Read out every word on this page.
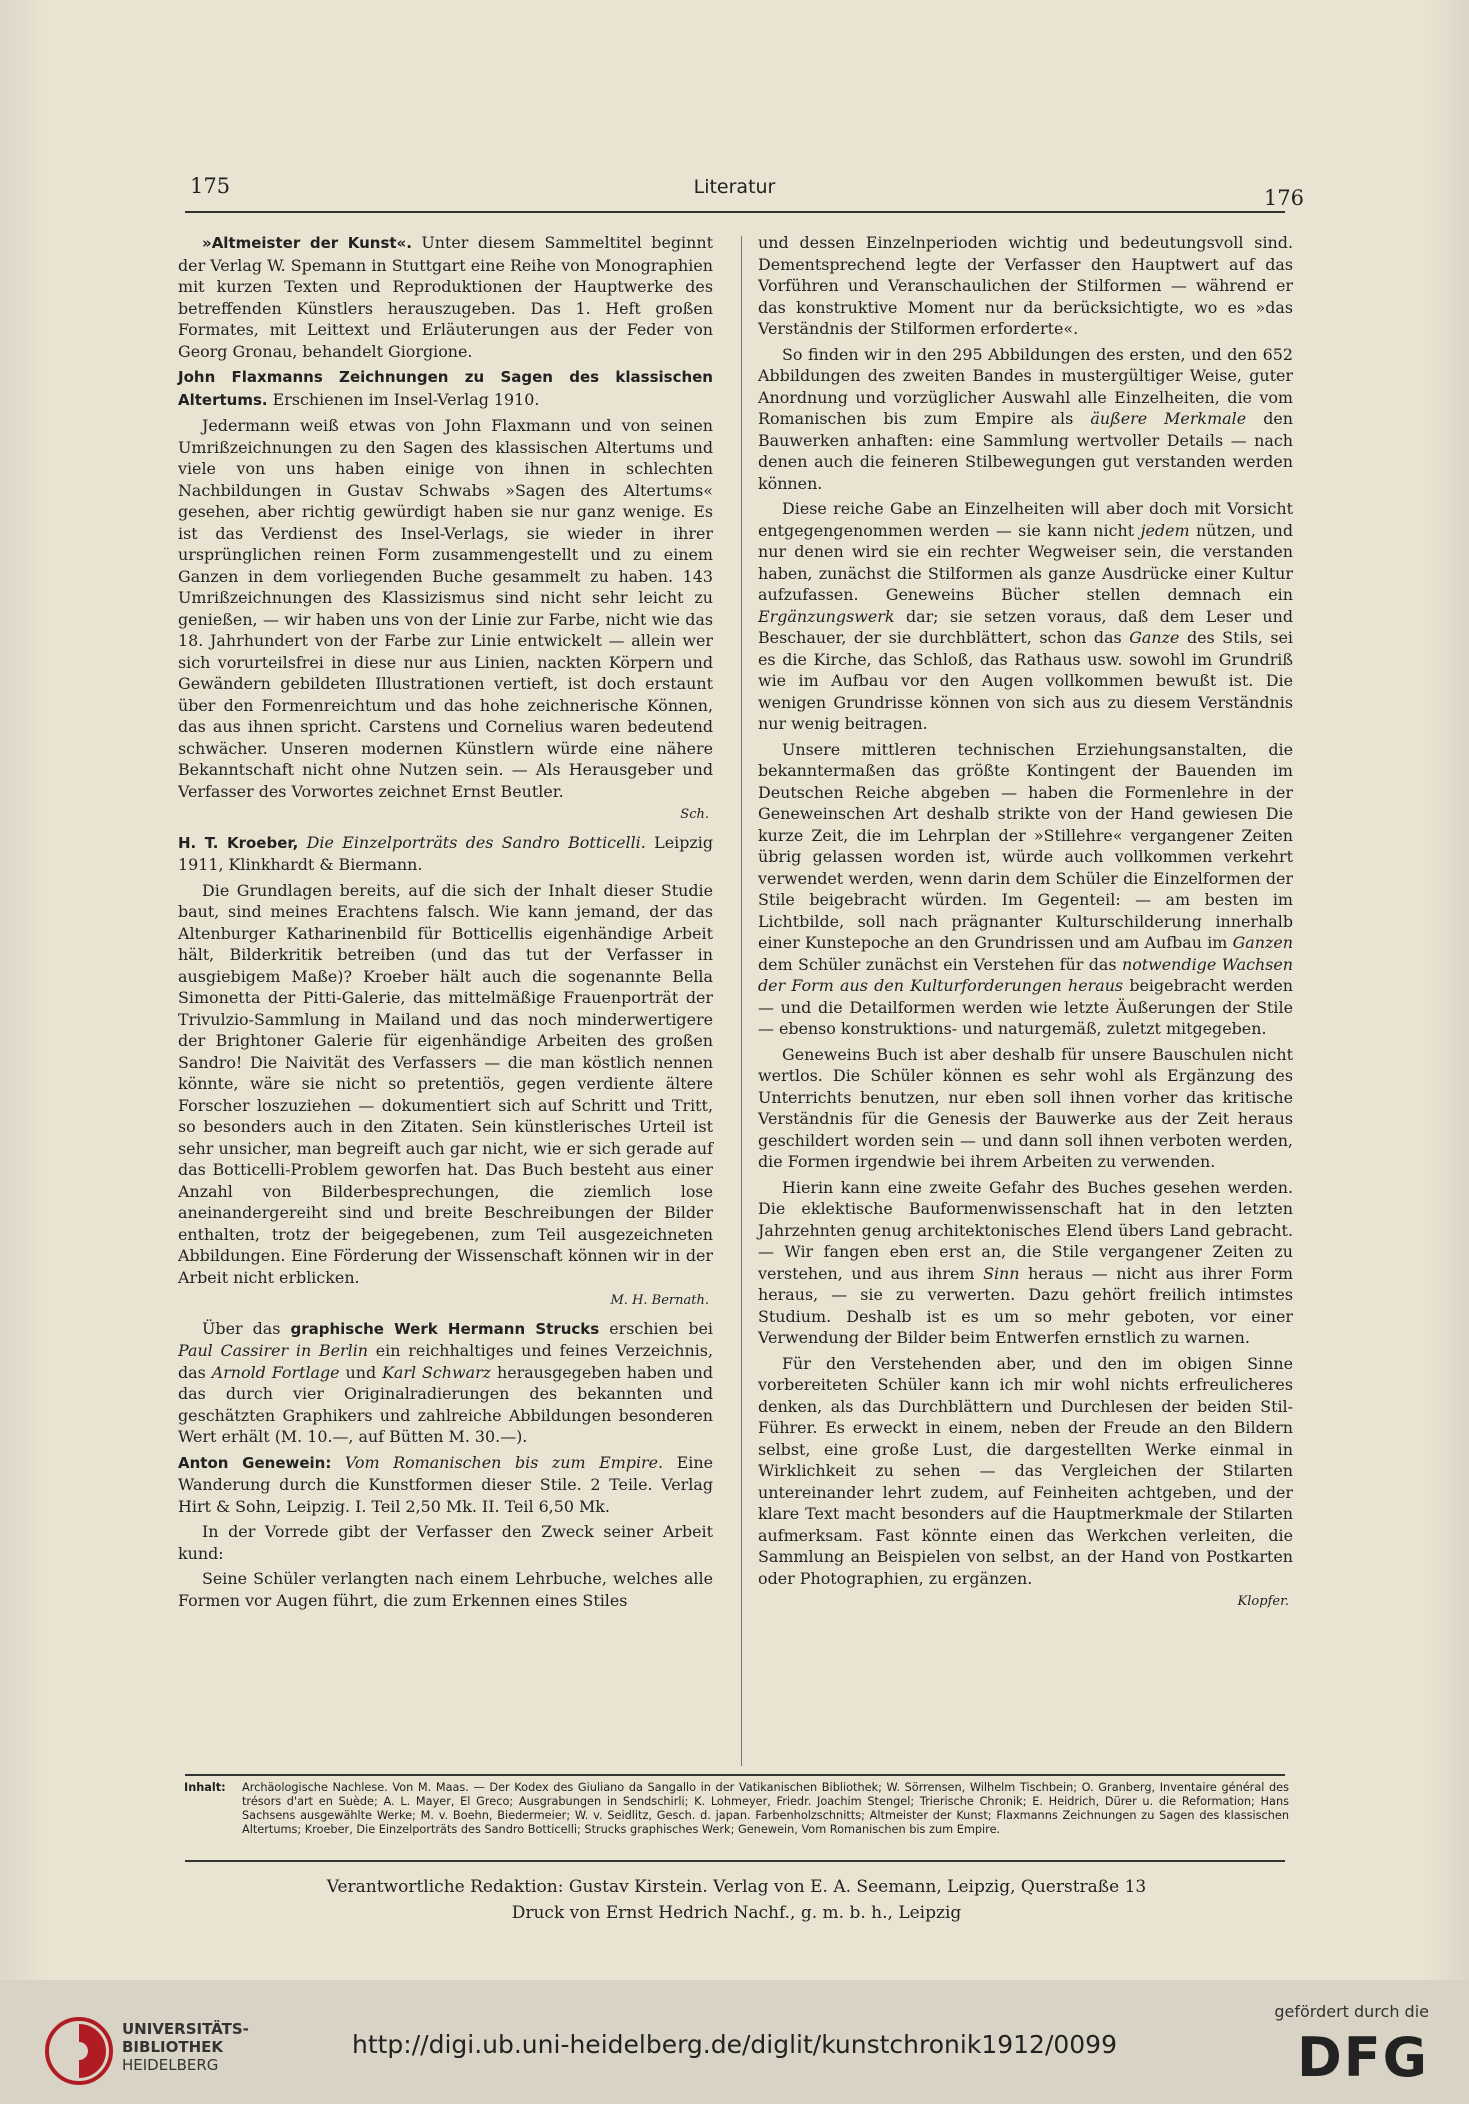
175	Literatur	176

»Altmeister der Kunst«. Unter diesem Sammeltitel beginnt der Verlag W. Spemann in Stuttgart eine Reihe von Monographien mit kurzen Texten und Reproduktionen der Hauptwerke des betreffenden Künstlers herauszugeben. Das 1. Heft großen Formates, mit Leittext und Erläuterungen aus der Feder von Georg Gronau, behandelt Giorgione.

John Flaxmanns Zeichnungen zu Sagen des klassischen Altertums. Erschienen im Insel-Verlag 1910.

Jedermann weiß etwas von John Flaxmann und von seinen Umrißzeichnungen zu den Sagen des klassischen Altertums und viele von uns haben einige von ihnen in schlechten Nachbildungen in Gustav Schwabs »Sagen des Altertums« gesehen, aber richtig gewürdigt haben sie nur ganz wenige. Es ist das Verdienst des Insel-Verlags, sie wieder in ihrer ursprünglichen reinen Form zusammengestellt und zu einem Ganzen in dem vorliegenden Buche gesammelt zu haben. 143 Umrißzeichnungen des Klassizismus sind nicht sehr leicht zu genießen, — wir haben uns von der Linie zur Farbe, nicht wie das 18. Jahrhundert von der Farbe zur Linie entwickelt — allein wer sich vorurteilsfrei in diese nur aus Linien, nackten Körpern und Gewändern gebildeten Illustrationen vertieft, ist doch erstaunt über den Formenreichtum und das hohe zeichnerische Können, das aus ihnen spricht. Carstens und Cornelius waren bedeutend schwächer. Unseren modernen Künstlern würde eine nähere Bekanntschaft nicht ohne Nutzen sein. — Als Herausgeber und Verfasser des Vorwortes zeichnet Ernst Beutler.

Sch.

H. T. Kroeber, Die Einzelporträts des Sandro Botticelli. Leipzig 1911, Klinkhardt & Biermann.

Die Grundlagen bereits, auf die sich der Inhalt dieser Studie baut, sind meines Erachtens falsch. Wie kann jemand, der das Altenburger Katharinenbild für Botticellis eigenhändige Arbeit hält, Bilderkritik betreiben (und das tut der Verfasser in ausgiebigem Maße)? Kroeber hält auch die sogenannte Bella Simonetta der Pitti-Galerie, das mittelmäßige Frauenporträt der Trivulzio-Sammlung in Mailand und das noch minderwertigere der Brightoner Galerie für eigenhändige Arbeiten des großen Sandro! Die Naivität des Verfassers — die man köstlich nennen könnte, wäre sie nicht so pretentiös, gegen verdiente ältere Forscher loszuziehen — dokumentiert sich auf Schritt und Tritt, so besonders auch in den Zitaten. Sein künstlerisches Urteil ist sehr unsicher, man begreift auch gar nicht, wie er sich gerade auf das Botticelli-Problem geworfen hat. Das Buch besteht aus einer Anzahl von Bilderbesprechungen, die ziemlich lose aneinandergereiht sind und breite Beschreibungen der Bilder enthalten, trotz der beigegebenen, zum Teil ausgezeichneten Abbildungen. Eine Förderung der Wissenschaft können wir in der Arbeit nicht erblicken.

M. H. Bernath.

Über das graphische Werk Hermann Strucks erschien bei Paul Cassirer in Berlin ein reichhaltiges und feines Verzeichnis, das Arnold Fortlage und Karl Schwarz herausgegeben haben und das durch vier Originalradierungen des bekannten und geschätzten Graphikers und zahlreiche Abbildungen besonderen Wert erhält (M. 10.—, auf Bütten M. 30.—).

Anton Genewein: Vom Romanischen bis zum Empire. Eine Wanderung durch die Kunstformen dieser Stile. 2 Teile. Verlag Hirt & Sohn, Leipzig. I. Teil 2,50 Mk. II. Teil 6,50 Mk.

In der Vorrede gibt der Verfasser den Zweck seiner Arbeit kund:

Seine Schüler verlangten nach einem Lehrbuche, welches alle Formen vor Augen führt, die zum Erkennen eines Stiles

und dessen Einzelnperioden wichtig und bedeutungsvoll sind. Dementsprechend legte der Verfasser den Hauptwert auf das Vorführen und Veranschaulichen der Stilformen — während er das konstruktive Moment nur da berücksichtigte, wo es »das Verständnis der Stilformen erforderte«.

So finden wir in den 295 Abbildungen des ersten, und den 652 Abbildungen des zweiten Bandes in mustergültiger Weise, guter Anordnung und vorzüglicher Auswahl alle Einzelheiten, die vom Romanischen bis zum Empire als äußere Merkmale den Bauwerken anhaften: eine Sammlung wertvoller Details — nach denen auch die feineren Stilbewegungen gut verstanden werden können.

Diese reiche Gabe an Einzelheiten will aber doch mit Vorsicht entgegengenommen werden — sie kann nicht jedem nützen, und nur denen wird sie ein rechter Wegweiser sein, die verstanden haben, zunächst die Stilformen als ganze Ausdrücke einer Kultur aufzufassen. Geneweins Bücher stellen demnach ein Ergänzungswerk dar; sie setzen voraus, daß dem Leser und Beschauer, der sie durchblättert, schon das Ganze des Stils, sei es die Kirche, das Schloß, das Rathaus usw. sowohl im Grundriß wie im Aufbau vor den Augen vollkommen bewußt ist. Die wenigen Grundrisse können von sich aus zu diesem Verständnis nur wenig beitragen.

Unsere mittleren technischen Erziehungsanstalten, die bekanntermaßen das größte Kontingent der Bauenden im Deutschen Reiche abgeben — haben die Formenlehre in der Geneweinschen Art deshalb strikte von der Hand gewiesen Die kurze Zeit, die im Lehrplan der »Stillehre« vergangener Zeiten übrig gelassen worden ist, würde auch vollkommen verkehrt verwendet werden, wenn darin dem Schüler die Einzelformen der Stile beigebracht würden. Im Gegenteil: — am besten im Lichtbilde, soll nach prägnanter Kulturschilderung innerhalb einer Kunstepoche an den Grundrissen und am Aufbau im Ganzen dem Schüler zunächst ein Verstehen für das notwendige Wachsen der Form aus den Kulturforderungen heraus beigebracht werden — und die Detailformen werden wie letzte Äußerungen der Stile — ebenso konstruktions- und naturgemäß, zuletzt mitgegeben.

Geneweins Buch ist aber deshalb für unsere Bauschulen nicht wertlos. Die Schüler können es sehr wohl als Ergänzung des Unterrichts benutzen, nur eben soll ihnen vorher das kritische Verständnis für die Genesis der Bauwerke aus der Zeit heraus geschildert worden sein — und dann soll ihnen verboten werden, die Formen irgendwie bei ihrem Arbeiten zu verwenden.

Hierin kann eine zweite Gefahr des Buches gesehen werden. Die eklektische Bauformenwissenschaft hat in den letzten Jahrzehnten genug architektonisches Elend übers Land gebracht. — Wir fangen eben erst an, die Stile vergangener Zeiten zu verstehen, und aus ihrem Sinn heraus — nicht aus ihrer Form heraus, — sie zu verwerten. Dazu gehört freilich intimstes Studium. Deshalb ist es um so mehr geboten, vor einer Verwendung der Bilder beim Entwerfen ernstlich zu warnen.

Für den Verstehenden aber, und den im obigen Sinne vorbereiteten Schüler kann ich mir wohl nichts erfreulicheres denken, als das Durchblättern und Durchlesen der beiden Stil-Führer. Es erweckt in einem, neben der Freude an den Bildern selbst, eine große Lust, die dargestellten Werke einmal in Wirklichkeit zu sehen — das Vergleichen der Stilarten untereinander lehrt zudem, auf Feinheiten achtgeben, und der klare Text macht besonders auf die Hauptmerkmale der Stilarten aufmerksam. Fast könnte einen das Werkchen verleiten, die Sammlung an Beispielen von selbst, an der Hand von Postkarten oder Photographien, zu ergänzen.

Klopfer.

Inhalt:	Archäologische Nachlese. Von M. Maas. — Der Kodex des Giuliano da Sangallo in der Vatikanischen Bibliothek; W. Sörrensen, Wilhelm Tischbein; O. Granberg, Inventaire général des trésors d'art en Suède; A. L. Mayer, El Greco; Ausgrabungen in Sendschirli; K. Lohmeyer, Friedr. Joachim Stengel; Trierische Chronik; E. Heidrich, Dürer u. die Reformation; Hans Sachsens ausgewählte Werke; M. v. Boehn, Biedermeier; W. v. Seidlitz, Gesch. d. japan. Farbenholzschnitts; Altmeister der Kunst; Flaxmanns Zeichnungen zu Sagen des klassischen Altertums; Kroeber, Die Einzelporträts des Sandro Botticelli; Strucks graphisches Werk; Genewein, Vom Romanischen bis zum Empire.
Verantwortliche Redaktion: Gustav Kirstein. Verlag von E. A. Seemann, Leipzig, Querstraße 13
Druck von Ernst Hedrich Nachf., g. m. b. h., Leipzig
UNIVERSITÄTS-
BIBLIOTHEK
HEIDELBERG
http://digi.ub.uni-heidelberg.de/diglit/kunstchronik1912/0099
gefördert durch die
DFG
